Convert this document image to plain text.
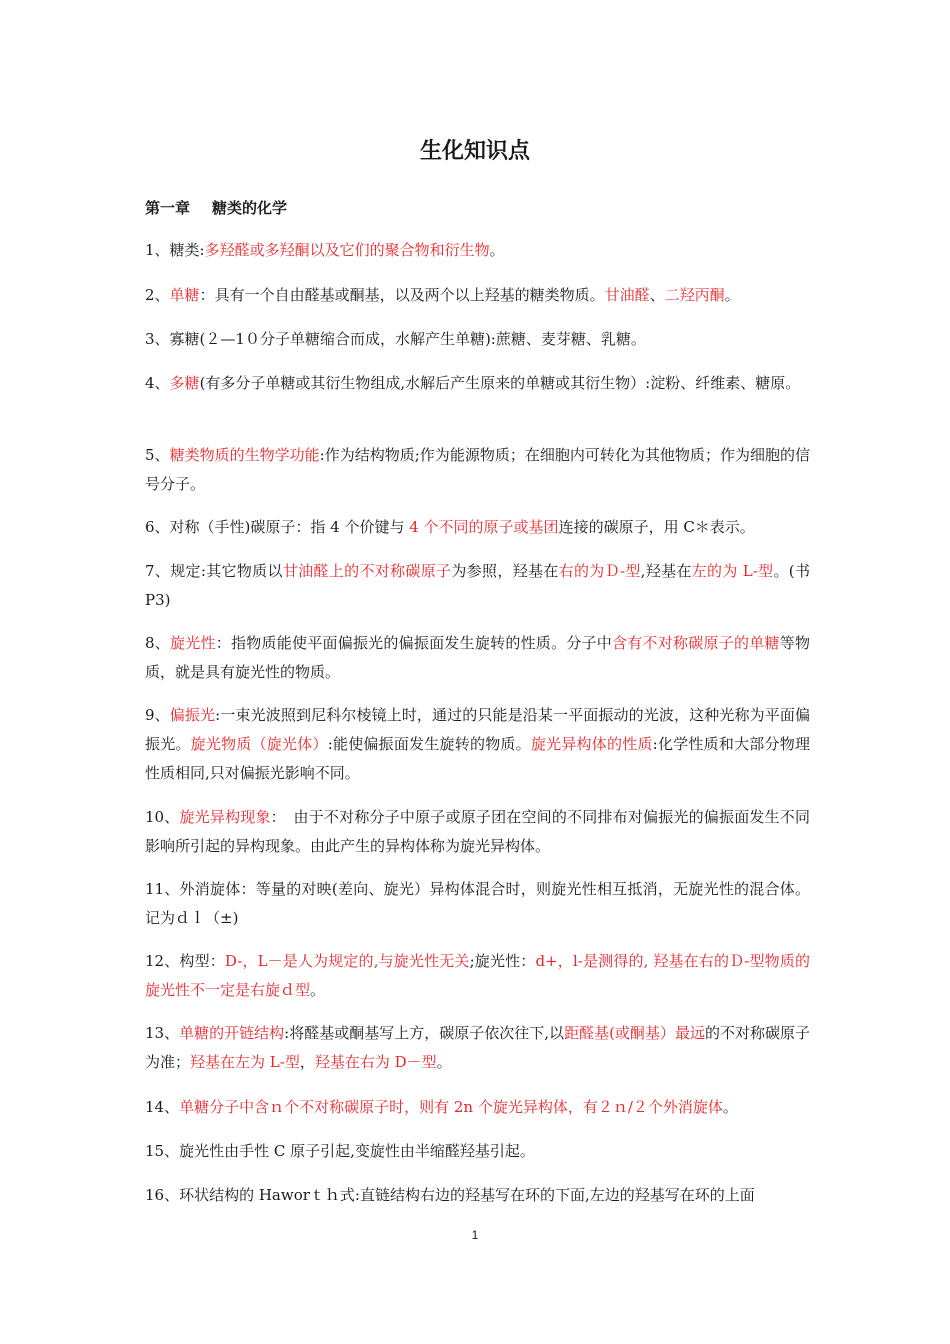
生化知识点
第一章 糖类的化学
1、糖类:多羟醛或多羟酮以及它们的聚合物和衍生物。
2、单糖：具有一个自由醛基或酮基，以及两个以上羟基的糖类物质。甘油醛、二羟丙酮。
3、寡糖(２—1０分子单糖缩合而成，水解产生单糖):蔗糖、麦芽糖、乳糖。
4、多糖(有多分子单糖或其衍生物组成,水解后产生原来的单糖或其衍生物）:淀粉、纤维素、糖原。
5、糖类物质的生物学功能:作为结构物质;作为能源物质；在细胞内可转化为其他物质；作为细胞的信号分子。
6、对称（手性)碳原子：指 4 个价键与 4 个不同的原子或基团连接的碳原子，用 C＊表示。
7、规定:其它物质以甘油醛上的不对称碳原子为参照，羟基在右的为Ｄ-型,羟基在左的为 L-型。(书 P3)
8、旋光性：指物质能使平面偏振光的偏振面发生旋转的性质。分子中含有不对称碳原子的单糖等物质，就是具有旋光性的物质。
9、偏振光:一束光波照到尼科尔棱镜上时，通过的只能是沿某一平面振动的光波，这种光称为平面偏振光。旋光物质（旋光体）:能使偏振面发生旋转的物质。旋光异构体的性质:化学性质和大部分物理性质相同,只对偏振光影响不同。
10、旋光异构现象：　由于不对称分子中原子或原子团在空间的不同排布对偏振光的偏振面发生不同影响所引起的异构现象。由此产生的异构体称为旋光异构体。
11、外消旋体：等量的对映(差向、旋光）异构体混合时，则旋光性相互抵消，无旋光性的混合体。记为ｄｌ（±)
12、构型：D-，L－是人为规定的,与旋光性无关;旋光性：d+，l-是测得的, 羟基在右的Ｄ-型物质的旋光性不一定是右旋ｄ型。
13、单糖的开链结构:将醛基或酮基写上方，碳原子依次往下,以距醛基(或酮基）最远的不对称碳原子为准；羟基在左为 L-型，羟基在右为 D－型。
14、单糖分子中含ｎ个不对称碳原子时，则有 2n 个旋光异构体，有２ｎ/２个外消旋体。
15、旋光性由手性 C 原子引起,变旋性由半缩醛羟基引起。
16、环状结构的 Haworｔｈ式:直链结构右边的羟基写在环的下面,左边的羟基写在环的上面
1
